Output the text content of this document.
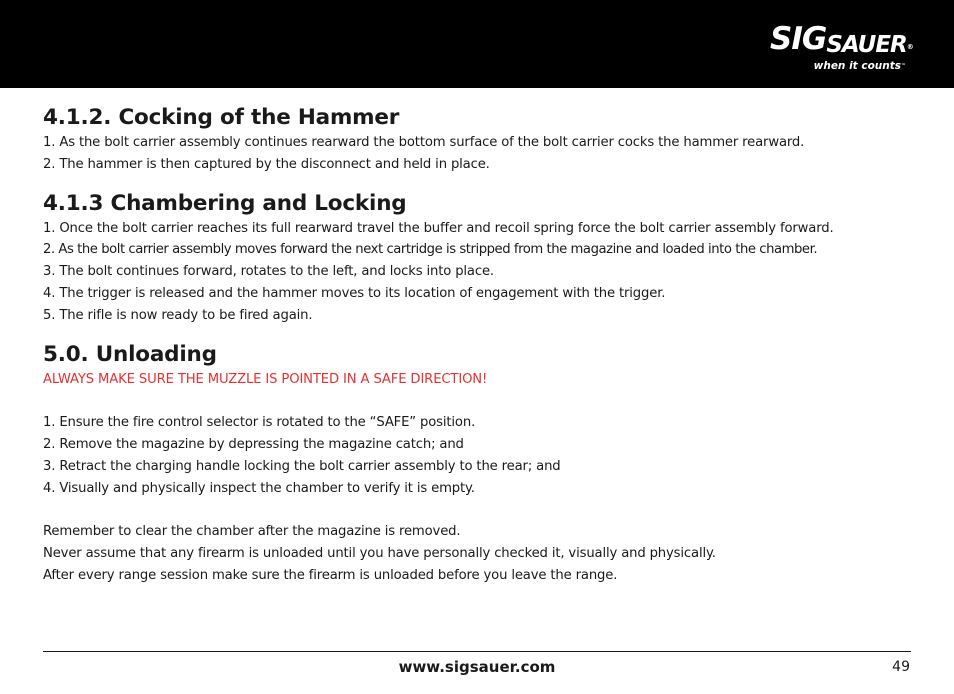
SIGSAUER®
when it counts™
4.1.2. Cocking of the Hammer
1. As the bolt carrier assembly continues rearward the bottom surface of the bolt carrier cocks the hammer rearward.
2. The hammer is then captured by the disconnect and held in place.
4.1.3 Chambering and Locking
1. Once the bolt carrier reaches its full rearward travel the buffer and recoil spring force the bolt carrier assembly forward.
2. As the bolt carrier assembly moves forward the next cartridge is stripped from the magazine and loaded into the chamber.
3. The bolt continues forward, rotates to the left, and locks into place.
4. The trigger is released and the hammer moves to its location of engagement with the trigger.
5. The rifle is now ready to be fired again.
5.0. Unloading
ALWAYS MAKE SURE THE MUZZLE IS POINTED IN A SAFE DIRECTION!
1. Ensure the fire control selector is rotated to the “SAFE” position.
2. Remove the magazine by depressing the magazine catch; and
3. Retract the charging handle locking the bolt carrier assembly to the rear; and
4. Visually and physically inspect the chamber to verify it is empty.
Remember to clear the chamber after the magazine is removed.
Never assume that any firearm is unloaded until you have personally checked it, visually and physically.
After every range session make sure the firearm is unloaded before you leave the range.
www.sigsauer.com	49
